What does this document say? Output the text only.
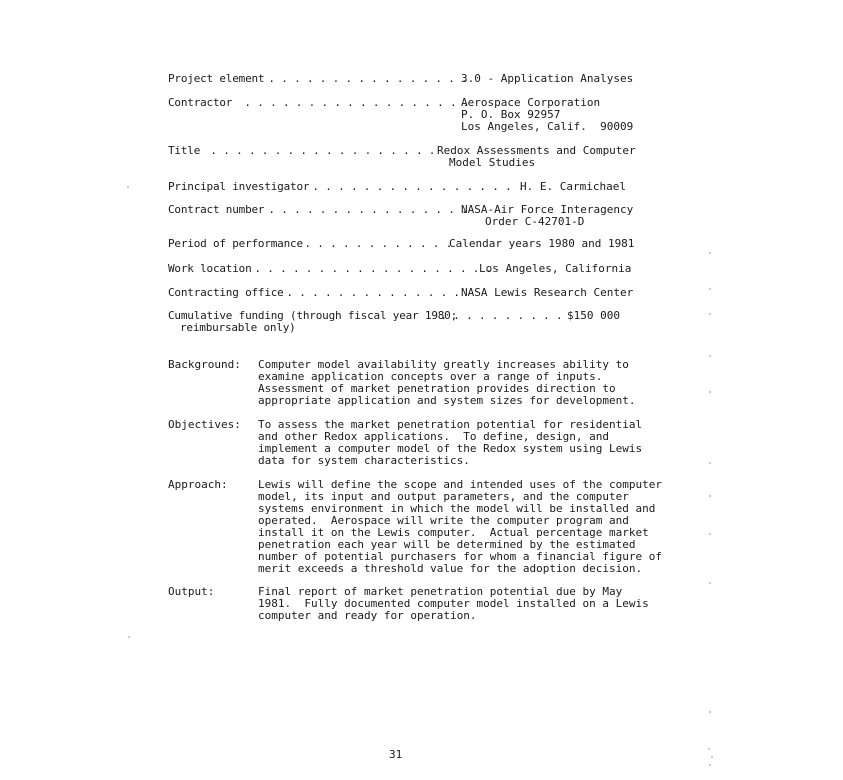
Project element
. . . . . . . . . . . . . . . .
3.0 - Application Analyses
Contractor . . . . . . . . . . . . . . . . . .
Aerospace Corporation
P. O. Box 92957
Los Angeles, Calif.  90009
Title . . . . . . . . . . . . . . . . . . Redox Assessments and Computer
Model Studies
Principal investigator
. . . . . . . . . . . . . . . . .
H. E. Carmichael
Contract number
. . . . . . . . . . . . . . . .
NASA-Air Force Interagency
Order C-42701-D
Period of performance
. . . . . . . . . . . .
Calendar years 1980 and 1981
Work location
. . . . . . . . . . . . . . . . . . .
Los Angeles, California
Contracting office
. . . . . . . . . . . . . . NASA Lewis Research Center
Cumulative funding (through fiscal year 1980;
. . . . . . . . . . $150 000
reimbursable only)
Background: Computer model availability greatly increases ability to
examine application concepts over a range of inputs.
Assessment of market penetration provides direction to
appropriate application and system sizes for development.
Objectives: To assess the market penetration potential for residential
and other Redox applications.  To define, design, and
implement a computer model of the Redox system using Lewis
data for system characteristics.
Approach:	Lewis will define the scope and intended uses of the computer
model, its input and output parameters, and the computer
systems environment in which the model will be installed and
operated.  Aerospace will write the computer program and
install it on the Lewis computer.  Actual percentage market
penetration each year will be determined by the estimated
number of potential purchasers for whom a financial figure of
merit exceeds a threshold value for the adoption decision.
Output:	Final report of market penetration potential due by May
1981.  Fully documented computer model installed on a Lewis
computer and ready for operation.
31
